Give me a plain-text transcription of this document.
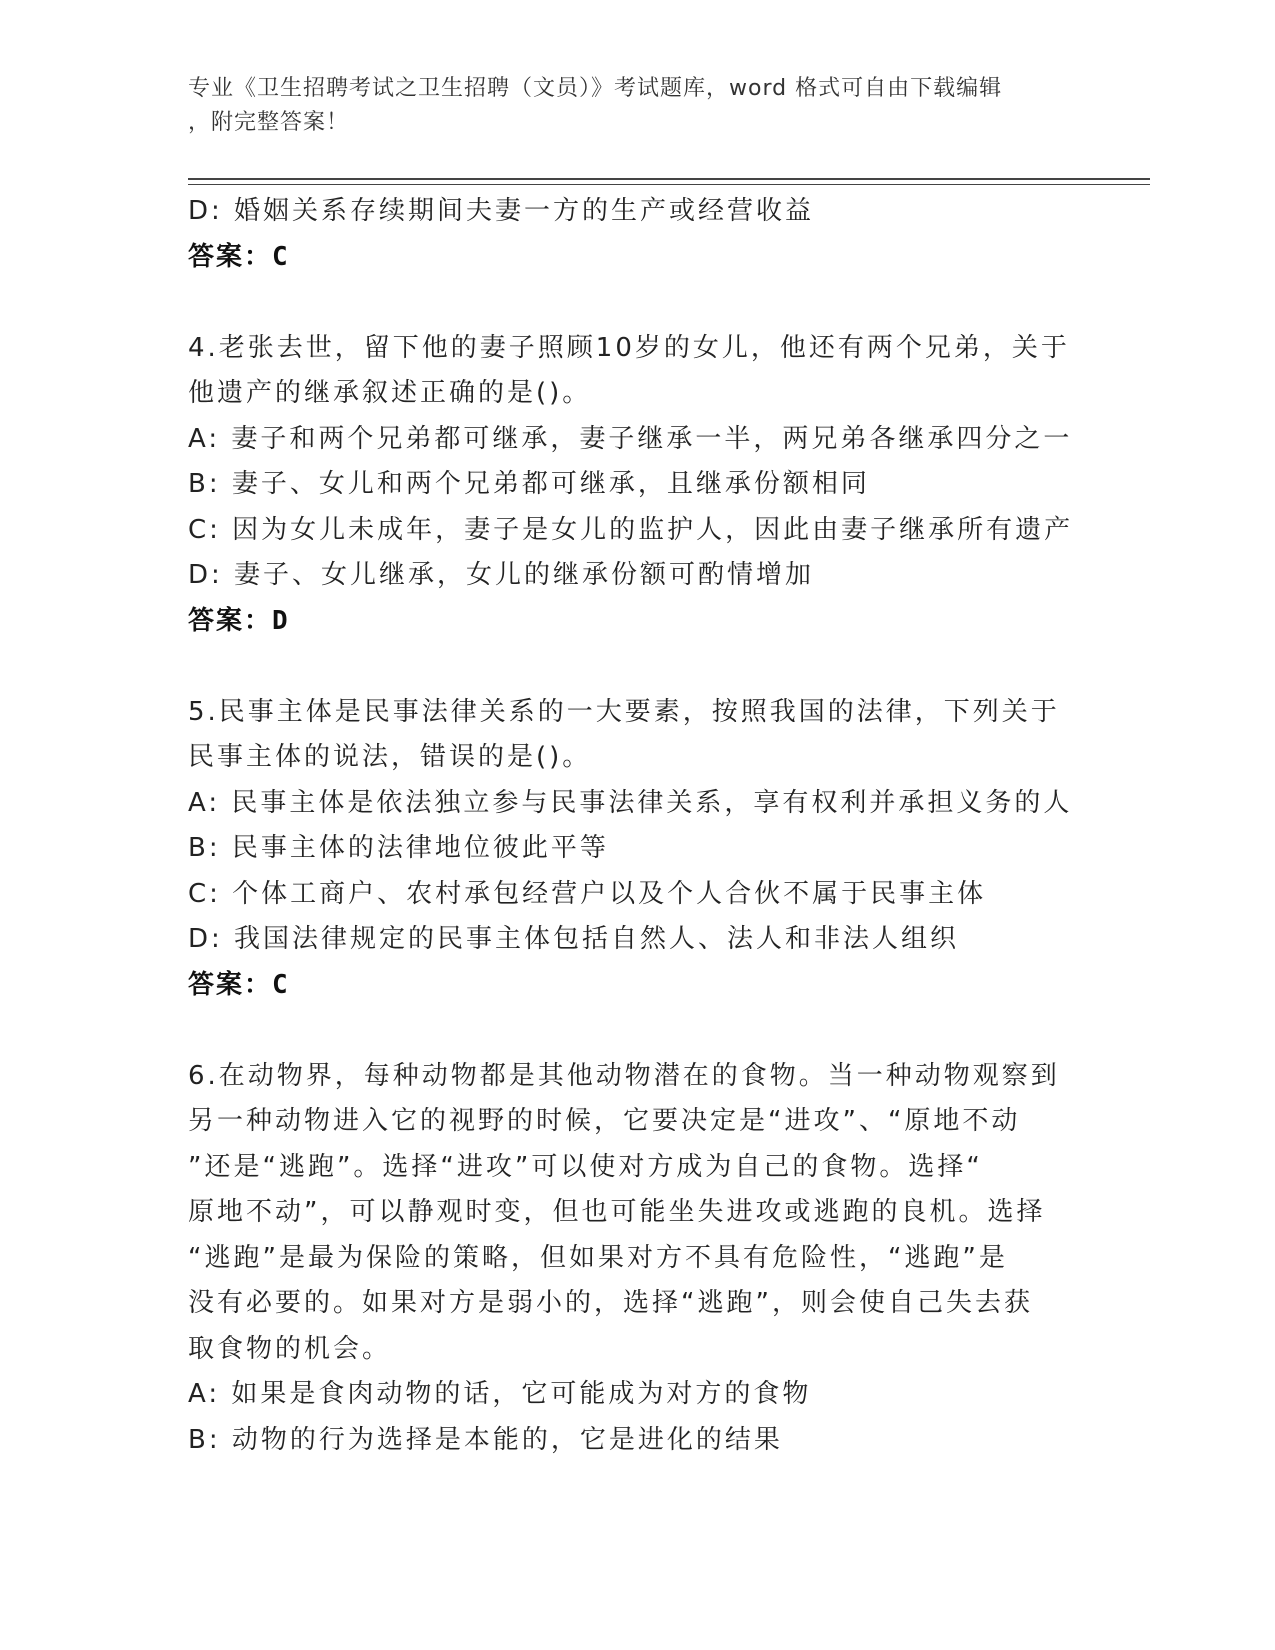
专业《卫生招聘考试之卫生招聘（文员）》考试题库，word 格式可自由下载编辑
，附完整答案！
D: 婚姻关系存续期间夫妻一方的生产或经营收益
答案：C
4.老张去世，留下他的妻子照顾10岁的女儿，他还有两个兄弟，关于
他遗产的继承叙述正确的是()。
A: 妻子和两个兄弟都可继承，妻子继承一半，两兄弟各继承四分之一
B: 妻子、女儿和两个兄弟都可继承，且继承份额相同
C: 因为女儿未成年，妻子是女儿的监护人，因此由妻子继承所有遗产
D: 妻子、女儿继承，女儿的继承份额可酌情增加
答案：D
5.民事主体是民事法律关系的一大要素，按照我国的法律，下列关于
民事主体的说法，错误的是()。
A: 民事主体是依法独立参与民事法律关系，享有权利并承担义务的人
B: 民事主体的法律地位彼此平等
C: 个体工商户、农村承包经营户以及个人合伙不属于民事主体
D: 我国法律规定的民事主体包括自然人、法人和非法人组织
答案：C
6.在动物界，每种动物都是其他动物潜在的食物。当一种动物观察到
另一种动物进入它的视野的时候，它要决定是“进攻”、“原地不动
”还是“逃跑”。选择“进攻”可以使对方成为自己的食物。选择“
原地不动”，可以静观时变，但也可能坐失进攻或逃跑的良机。选择
“逃跑”是最为保险的策略，但如果对方不具有危险性，“逃跑”是
没有必要的。如果对方是弱小的，选择“逃跑”，则会使自己失去获
取食物的机会。
A: 如果是食肉动物的话，它可能成为对方的食物
B: 动物的行为选择是本能的，它是进化的结果
